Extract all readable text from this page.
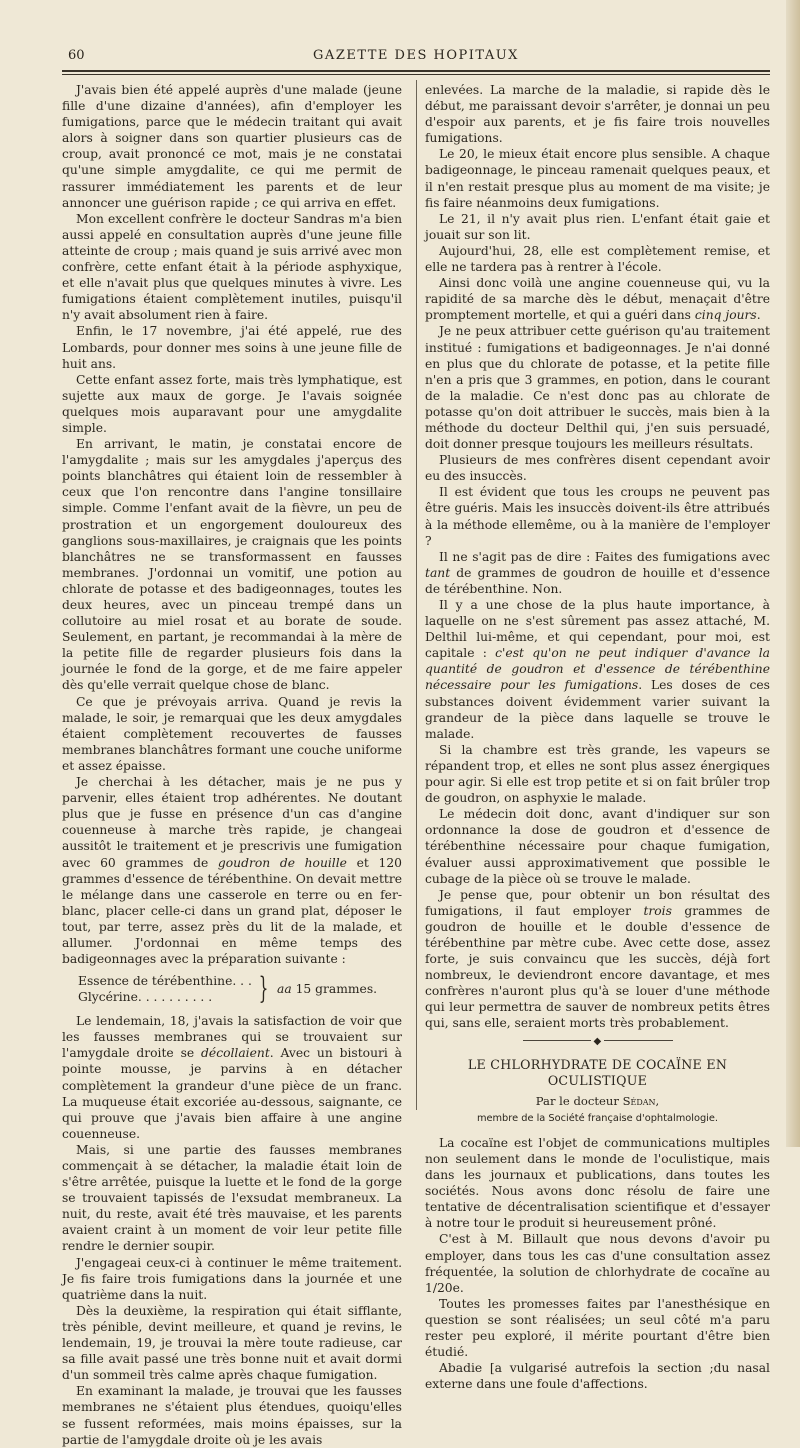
60	GAZETTE DES HOPITAUX

J'avais bien été appelé auprès d'une malade (jeune fille d'une dizaine d'années), afin d'employer les fumigations, parce que le médecin traitant qui avait alors à soigner dans son quartier plusieurs cas de croup, avait prononcé ce mot, mais je ne constatai qu'une simple amygdalite, ce qui me permit de rassurer immédiatement les parents et de leur annoncer une guérison rapide ; ce qui arriva en effet.

Mon excellent confrère le docteur Sandras m'a bien aussi appelé en consultation auprès d'une jeune fille atteinte de croup ; mais quand je suis arrivé avec mon confrère, cette enfant était à la période asphyxique, et elle n'avait plus que quelques minutes à vivre. Les fumigations étaient complètement inutiles, puisqu'il n'y avait absolument rien à faire.

Enfin, le 17 novembre, j'ai été appelé, rue des Lombards, pour donner mes soins à une jeune fille de huit ans.

Cette enfant assez forte, mais très lymphatique, est sujette aux maux de gorge. Je l'avais soignée quelques mois auparavant pour une amygdalite simple.

En arrivant, le matin, je constatai encore de l'amygdalite ; mais sur les amygdales j'aperçus des points blanchâtres qui étaient loin de ressembler à ceux que l'on rencontre dans l'angine tonsillaire simple. Comme l'enfant avait de la fièvre, un peu de prostration et un engorgement douloureux des ganglions sous-maxillaires, je craignais que les points blanchâtres ne se transformassent en fausses membranes. J'ordonnai un vomitif, une potion au chlorate de potasse et des badigeonnages, toutes les deux heures, avec un pinceau trempé dans un collutoire au miel rosat et au borate de soude. Seulement, en partant, je recommandai à la mère de la petite fille de regarder plusieurs fois dans la journée le fond de la gorge, et de me faire appeler dès qu'elle verrait quelque chose de blanc.

Ce que je prévoyais arriva. Quand je revis la malade, le soir, je remarquai que les deux amygdales étaient complètement recouvertes de fausses membranes blanchâtres formant une couche uniforme et assez épaisse.

Je cherchai à les détacher, mais je ne pus y parvenir, elles étaient trop adhérentes. Ne doutant plus que je fusse en présence d'un cas d'angine couenneuse à marche très rapide, je changeai aussitôt le traitement et je prescrivis une fumigation avec 60 grammes de goudron de houille et 120 grammes d'essence de térébenthine. On devait mettre le mélange dans une casserole en terre ou en fer-blanc, placer celle-ci dans un grand plat, déposer le tout, par terre, assez près du lit de la malade, et allumer. J'ordonnai en même temps des badigeonnages avec la préparation suivante :

Essence de térébenthine. . .
Glycérine. . . . . . . . . .	} aa 15 grammes.

Le lendemain, 18, j'avais la satisfaction de voir que les fausses membranes qui se trouvaient sur l'amygdale droite se décollaient. Avec un bistouri à pointe mousse, je parvins à en détacher complètement la grandeur d'une pièce de un franc. La muqueuse était excoriée au-dessous, saignante, ce qui prouve que j'avais bien affaire à une angine couenneuse.

Mais, si une partie des fausses membranes commençait à se détacher, la maladie était loin de s'être arrêtée, puisque la luette et le fond de la gorge se trouvaient tapissés de l'exsudat membraneux. La nuit, du reste, avait été très mauvaise, et les parents avaient craint à un moment de voir leur petite fille rendre le dernier soupir.

J'engageai ceux-ci à continuer le même traitement. Je fis faire trois fumigations dans la journée et une quatrième dans la nuit.

Dès la deuxième, la respiration qui était sifflante, très pénible, devint meilleure, et quand je revins, le lendemain, 19, je trouvai la mère toute radieuse, car sa fille avait passé une très bonne nuit et avait dormi d'un sommeil très calme après chaque fumigation.

En examinant la malade, je trouvai que les fausses membranes ne s'étaient plus étendues, quoiqu'elles se fussent reformées, mais moins épaisses, sur la partie de l'amygdale droite où je les avais

enlevées. La marche de la maladie, si rapide dès le début, me paraissant devoir s'arrêter, je donnai un peu d'espoir aux parents, et je fis faire trois nouvelles fumigations.

Le 20, le mieux était encore plus sensible. A chaque badigeonnage, le pinceau ramenait quelques peaux, et il n'en restait presque plus au moment de ma visite; je fis faire néanmoins deux fumigations.

Le 21, il n'y avait plus rien. L'enfant était gaie et jouait sur son lit.

Aujourd'hui, 28, elle est complètement remise, et elle ne tardera pas à rentrer à l'école.

Ainsi donc voilà une angine couenneuse qui, vu la rapidité de sa marche dès le début, menaçait d'être promptement mortelle, et qui a guéri dans cinq jours.

Je ne peux attribuer cette guérison qu'au traitement institué : fumigations et badigeonnages. Je n'ai donné en plus que du chlorate de potasse, et la petite fille n'en a pris que 3 grammes, en potion, dans le courant de la maladie. Ce n'est donc pas au chlorate de potasse qu'on doit attribuer le succès, mais bien à la méthode du docteur Delthil qui, j'en suis persuadé, doit donner presque toujours les meilleurs résultats.

Plusieurs de mes confrères disent cependant avoir eu des insuccès.

Il est évident que tous les croups ne peuvent pas être guéris. Mais les insuccès doivent-ils être attribués à la méthode ellemême, ou à la manière de l'employer ?

Il ne s'agit pas de dire : Faites des fumigations avec tant de grammes de goudron de houille et d'essence de térébenthine. Non.

Il y a une chose de la plus haute importance, à laquelle on ne s'est sûrement pas assez attaché, M. Delthil lui-même, et qui cependant, pour moi, est capitale : c'est qu'on ne peut indiquer d'avance la quantité de goudron et d'essence de térébenthine nécessaire pour les fumigations. Les doses de ces substances doivent évidemment varier suivant la grandeur de la pièce dans laquelle se trouve le malade.

Si la chambre est très grande, les vapeurs se répandent trop, et elles ne sont plus assez énergiques pour agir. Si elle est trop petite et si on fait brûler trop de goudron, on asphyxie le malade.

Le médecin doit donc, avant d'indiquer sur son ordonnance la dose de goudron et d'essence de térébenthine nécessaire pour chaque fumigation, évaluer aussi approximativement que possible le cubage de la pièce où se trouve le malade.

Je pense que, pour obtenir un bon résultat des fumigations, il faut employer trois grammes de goudron de houille et le double d'essence de térébenthine par mètre cube. Avec cette dose, assez forte, je suis convaincu que les succès, déjà fort nombreux, le deviendront encore davantage, et mes confrères n'auront plus qu'à se louer d'une méthode qui leur permettra de sauver de nombreux petits êtres qui, sans elle, seraient morts très probablement.

◆
LE CHLORHYDRATE DE COCAÏNE EN OCULISTIQUE
Par le docteur Sédan,
membre de la Société française d'ophtalmologie.

La cocaïne est l'objet de communications multiples non seulement dans le monde de l'oculistique, mais dans les journaux et publications, dans toutes les sociétés. Nous avons donc résolu de faire une tentative de décentralisation scientifique et d'essayer à notre tour le produit si heureusement prôné.

C'est à M. Billault que nous devons d'avoir pu employer, dans tous les cas d'une consultation assez fréquentée, la solution de chlorhydrate de cocaïne au 1/20e.

Toutes les promesses faites par l'anesthésique en question se sont réalisées; un seul côté m'a paru rester peu exploré, il mérite pourtant d'être bien étudié.

Abadie [a vulgarisé autrefois la section ;du nasal externe dans une foule d'affections.
